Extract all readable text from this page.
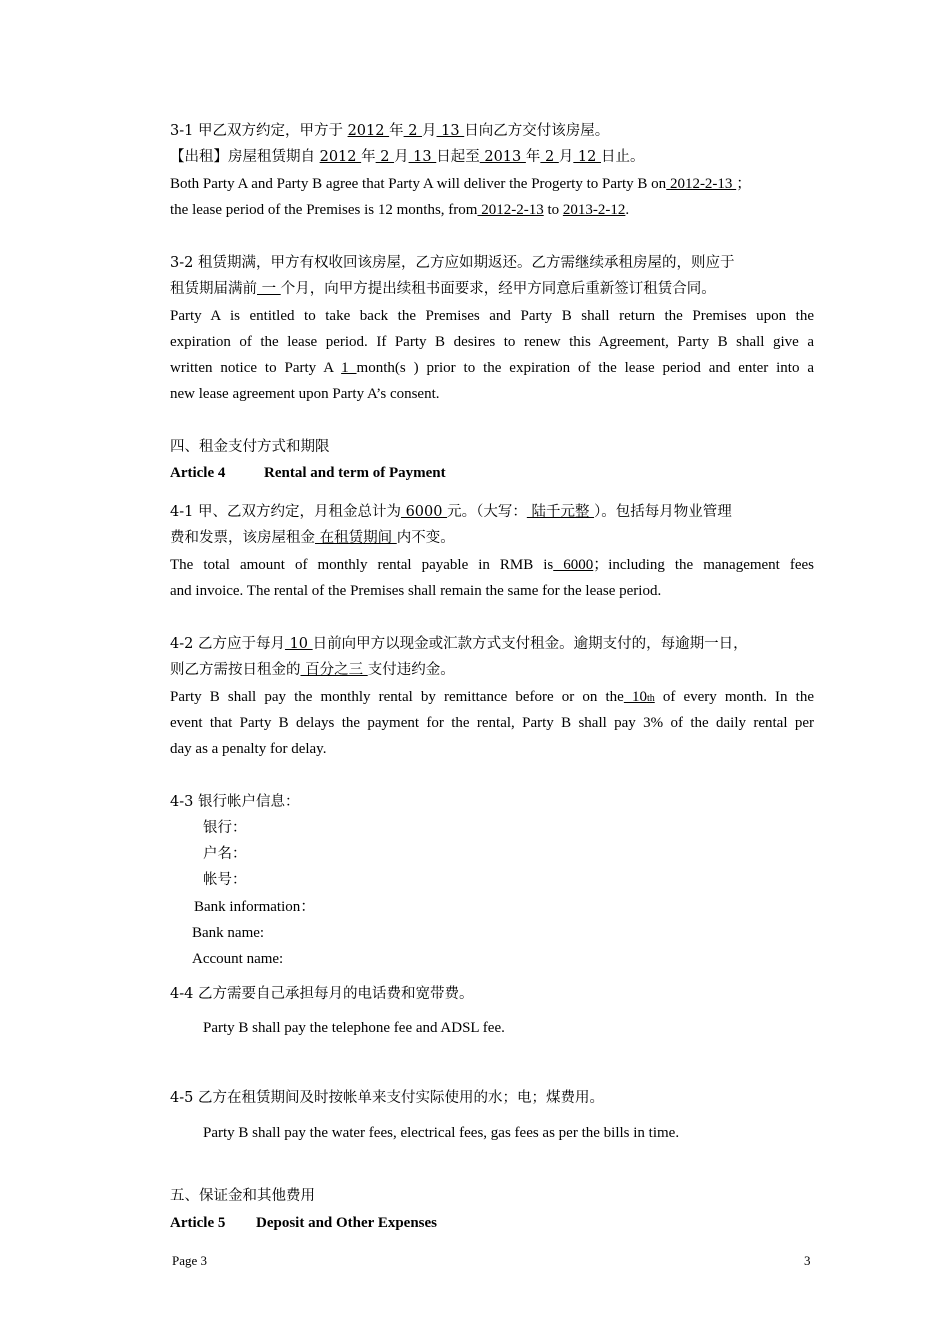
3-1 甲乙双方约定，甲方于 2012 年 2 月 13 日向乙方交付该房屋。
【出租】房屋租赁期自 2012 年 2 月 13 日起至 2013 年 2 月 12 日止。
Both Party A and Party B agree that Party A will deliver the Progerty to Party B on 2012-2-13 ；
the lease period of the Premises is 12 months, from 2012-2-13 to 2013-2-12.
3-2 租赁期满，甲方有权收回该房屋，乙方应如期返还。乙方需继续承租房屋的，则应于
租赁期届满前 一 个月，向甲方提出续租书面要求，经甲方同意后重新签订租赁合同。
Party A is entitled to take back the Premises and Party B shall return the Premises upon the
expiration of the lease period. If Party B desires to renew this Agreement, Party B shall give a
written notice to Party A 1 month(s ) prior to the expiration of the lease period and enter into a
new lease agreement upon Party A’s consent.
四、租金支付方式和期限
Article 4	Rental and term of Payment
4-1 甲、乙双方约定，月租金总计为 6000 元。（大写： 陆千元整 ）。包括每月物业管理
费和发票，该房屋租金 在租赁期间 内不变。
The total amount of monthly rental payable in RMB is 6000；including the management fees
and invoice. The rental of the Premises shall remain the same for the lease period.
4-2 乙方应于每月 10 日前向甲方以现金或汇款方式支付租金。逾期支付的，每逾期一日，
则乙方需按日租金的 百分之三 支付违约金。
Party B shall pay the monthly rental by remittance before or on the 10th of every month. In the
event that Party B delays the payment for the rental, Party B shall pay 3% of the daily rental per
day as a penalty for delay.
4-3 银行帐户信息：
银行：
户名：
帐号：
Bank information：
Bank name:
Account name:
4-4 乙方需要自己承担每月的电话费和宽带费。
Party B shall pay the telephone fee and ADSL fee.
4-5 乙方在租赁期间及时按帐单来支付实际使用的水；电；煤费用。
Party B shall pay the water fees, electrical fees, gas fees as per the bills in time.
五、保证金和其他费用
Article 5 Deposit and Other Expenses
Page 3	3
